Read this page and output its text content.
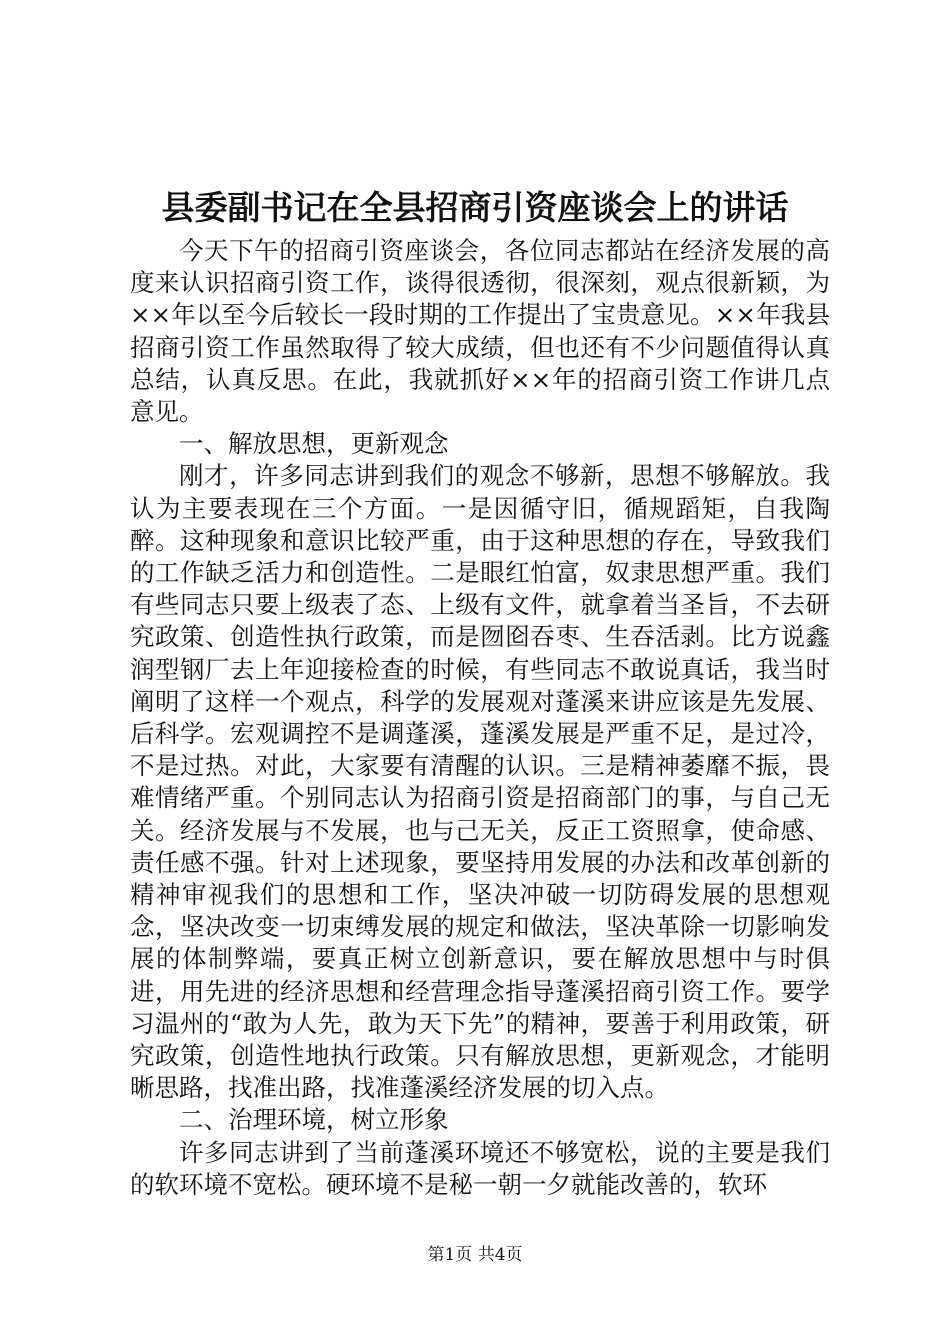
县委副书记在全县招商引资座谈会上的讲话

今天下午的招商引资座谈会，各位同志都站在经济发展的高度来认识招商引资工作，谈得很透彻，很深刻，观点很新颖，为××年以至今后较长一段时期的工作提出了宝贵意见。××年我县招商引资工作虽然取得了较大成绩，但也还有不少问题值得认真总结，认真反思。在此，我就抓好××年的招商引资工作讲几点意见。

一、解放思想，更新观念

刚才，许多同志讲到我们的观念不够新，思想不够解放。我认为主要表现在三个方面。一是因循守旧，循规蹈矩，自我陶醉。这种现象和意识比较严重，由于这种思想的存在，导致我们的工作缺乏活力和创造性。二是眼红怕富，奴隶思想严重。我们有些同志只要上级表了态、上级有文件，就拿着当圣旨，不去研究政策、创造性执行政策，而是囫囵吞枣、生吞活剥。比方说鑫润型钢厂去上年迎接检查的时候，有些同志不敢说真话，我当时阐明了这样一个观点，科学的发展观对蓬溪来讲应该是先发展、后科学。宏观调控不是调蓬溪，蓬溪发展是严重不足，是过冷，不是过热。对此，大家要有清醒的认识。三是精神萎靡不振，畏难情绪严重。个别同志认为招商引资是招商部门的事，与自己无关。经济发展与不发展，也与己无关，反正工资照拿，使命感、责任感不强。针对上述现象，要坚持用发展的办法和改革创新的精神审视我们的思想和工作，坚决冲破一切防碍发展的思想观念，坚决改变一切束缚发展的规定和做法，坚决革除一切影响发展的体制弊端，要真正树立创新意识，要在解放思想中与时俱进，用先进的经济思想和经营理念指导蓬溪招商引资工作。要学习温州的“敢为人先，敢为天下先”的精神，要善于利用政策，研究政策，创造性地执行政策。只有解放思想，更新观念，才能明晰思路，找准出路，找准蓬溪经济发展的切入点。

二、治理环境，树立形象

许多同志讲到了当前蓬溪环境还不够宽松，说的主要是我们的软环境不宽松。硬环境不是秘一朝一夕就能改善的，软环

第1页 共4页
